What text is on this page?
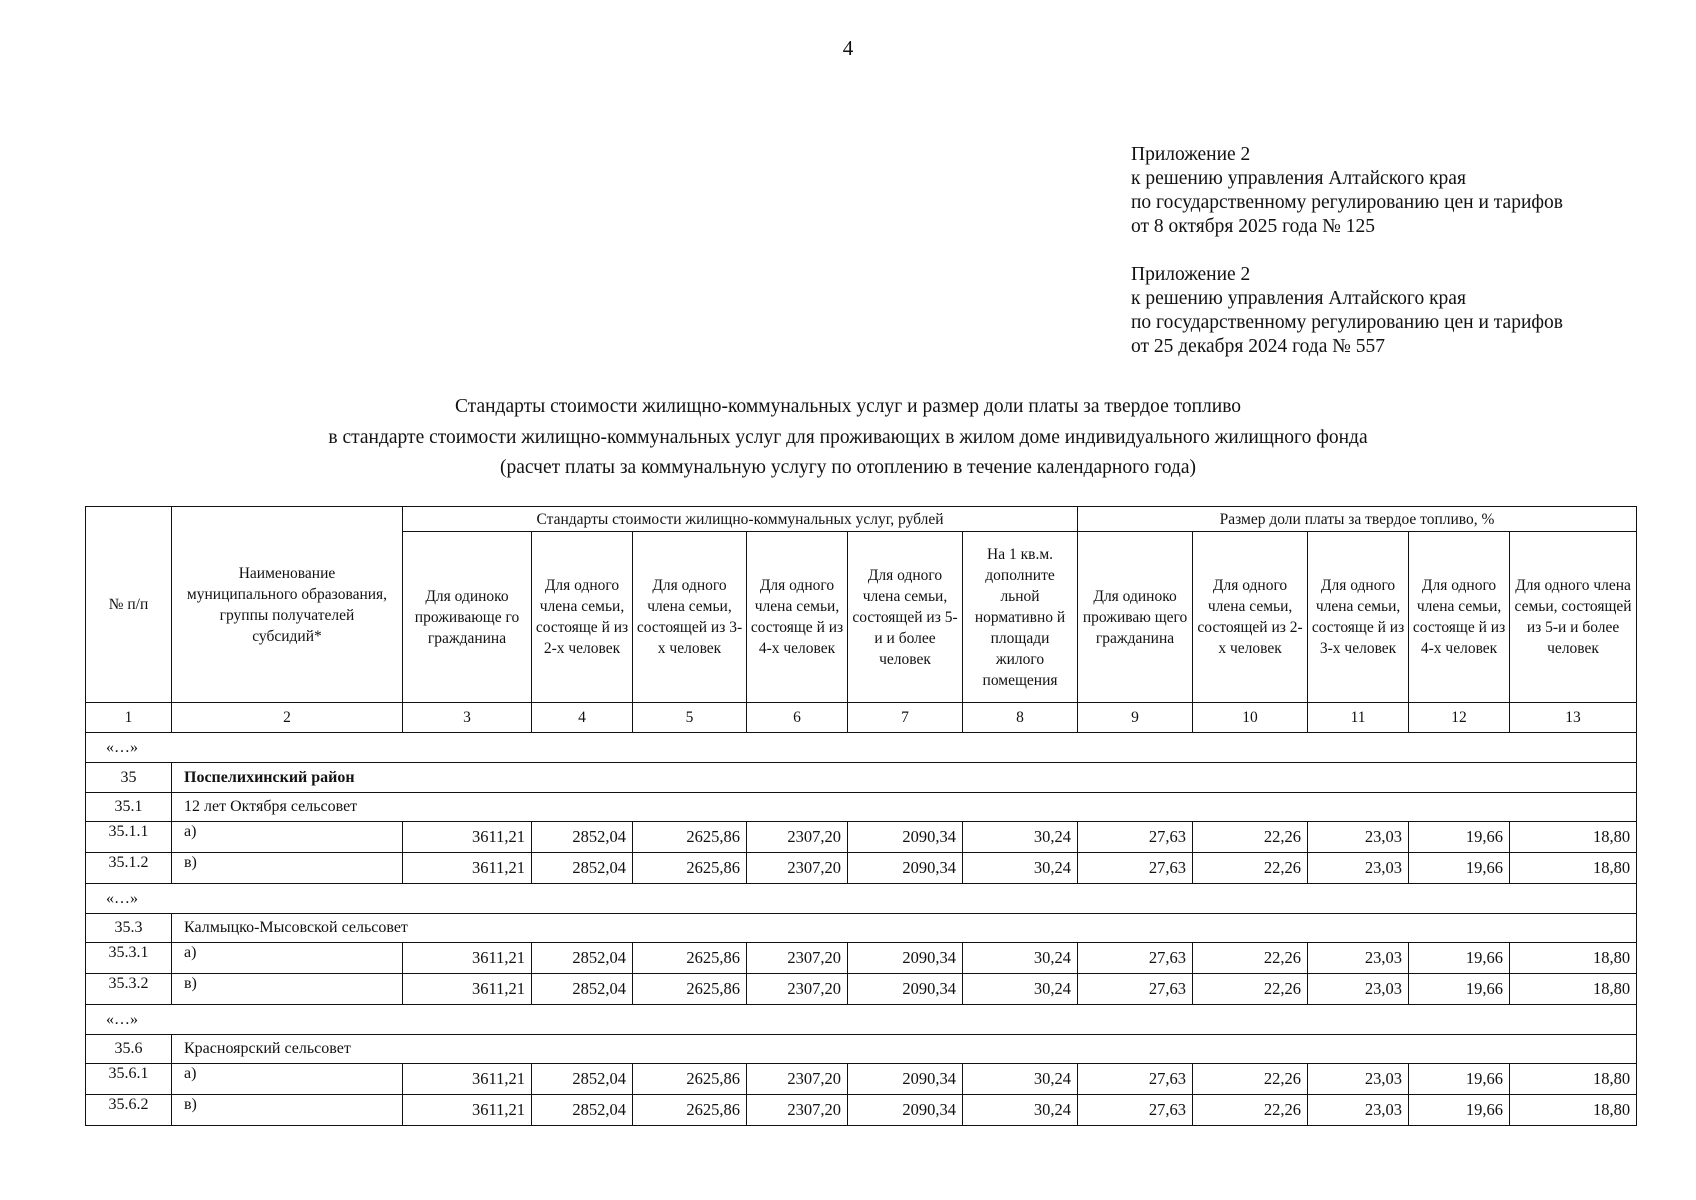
4
Приложение 2
к решению управления Алтайского края
по государственному регулированию цен и тарифов
от 8 октября 2025 года № 125
Приложение 2
к решению управления Алтайского края
по государственному регулированию цен и тарифов
от 25 декабря 2024 года № 557
Стандарты стоимости жилищно-коммунальных услуг и размер доли платы за твердое топливо
в стандарте стоимости жилищно-коммунальных услуг для проживающих в жилом доме индивидуального жилищного фонда
(расчет платы за коммунальную услугу по отоплению в течение календарного года)
№ п/п	Наименование муниципального образования, группы получателей субсидий*	Стандарты стоимости жилищно-коммунальных услуг, рублей						Размер доли платы за твердое топливо, %				
		Для одиноко проживающе го гражданина	Для одного члена семьи, состояще й из 2-х человек	Для одного члена семьи, состоящей из 3-х человек	Для одного члена семьи, состояще й из 4-х человек	Для одного члена семьи, состоящей из 5-и и более человек	На 1 кв.м. дополните льной нормативно й площади жилого помещения	Для одиноко проживаю щего гражданина	Для одного члена семьи, состоящей из 2-х человек	Для одного члена семьи, состояще й из 3-х человек	Для одного члена семьи, состояще й из 4-х человек	Для одного члена семьи, состоящей из 5-и и более человек
1	2	3	4	5	6	7	8	9	10	11	12	13
«…»												
35	Поспелихинский район											
35.1	12 лет Октября сельсовет											
35.1.1	а)	3611,21	2852,04	2625,86	2307,20	2090,34	30,24	27,63	22,26	23,03	19,66	18,80
35.1.2	в)	3611,21	2852,04	2625,86	2307,20	2090,34	30,24	27,63	22,26	23,03	19,66	18,80
«…»												
35.3	Калмыцко-Мысовской сельсовет											
35.3.1	а)	3611,21	2852,04	2625,86	2307,20	2090,34	30,24	27,63	22,26	23,03	19,66	18,80
35.3.2	в)	3611,21	2852,04	2625,86	2307,20	2090,34	30,24	27,63	22,26	23,03	19,66	18,80
«…»												
35.6	Красноярский сельсовет											
35.6.1	а)	3611,21	2852,04	2625,86	2307,20	2090,34	30,24	27,63	22,26	23,03	19,66	18,80
35.6.2	в)	3611,21	2852,04	2625,86	2307,20	2090,34	30,24	27,63	22,26	23,03	19,66	18,80
